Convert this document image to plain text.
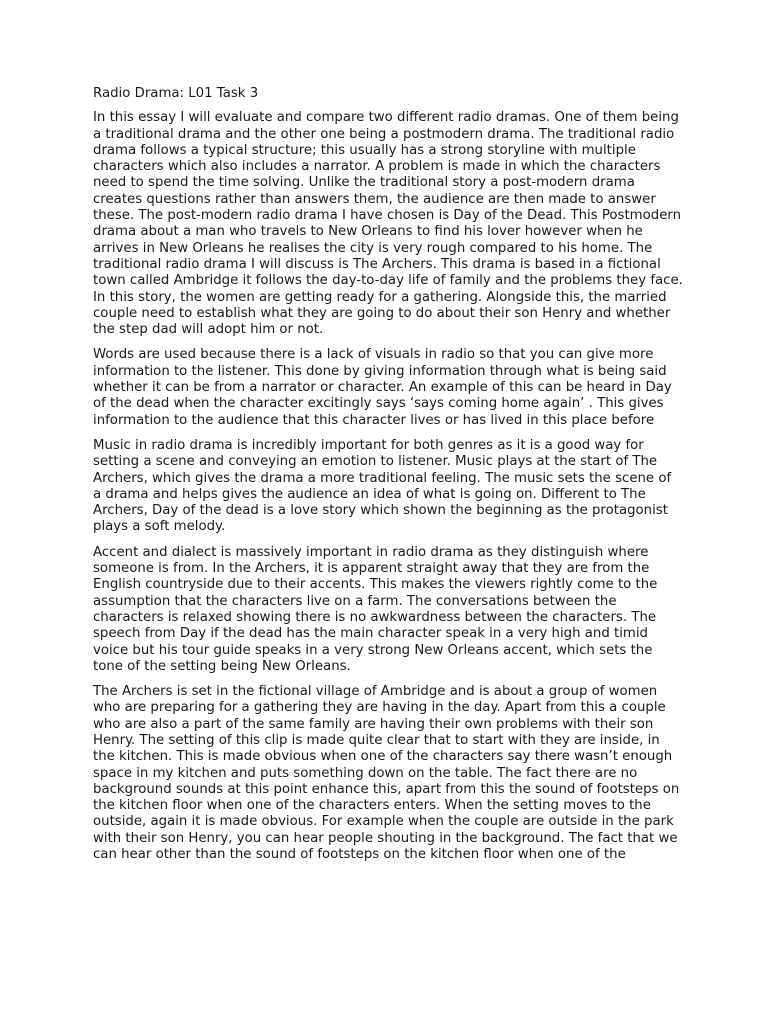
Radio Drama: L01 Task 3

In this essay I will evaluate and compare two different radio dramas. One of them being a traditional drama and the other one being a postmodern drama. The traditional radio drama follows a typical structure; this usually has a strong storyline with multiple characters which also includes a narrator. A problem is made in which the characters need to spend the time solving. Unlike the traditional story a post-modern drama creates questions rather than answers them, the audience are then made to answer these. The post-modern radio drama I have chosen is Day of the Dead. This Postmodern drama about a man who travels to New Orleans to find his lover however when he arrives in New Orleans he realises the city is very rough compared to his home. The traditional radio drama I will discuss is The Archers. This drama is based in a fictional town called Ambridge it follows the day-to-day life of family and the problems they face. In this story, the women are getting ready for a gathering. Alongside this, the married couple need to establish what they are going to do about their son Henry and whether the step dad will adopt him or not.

Words are used because there is a lack of visuals in radio so that you can give more information to the listener. This done by giving information through what is being said whether it can be from a narrator or character. An example of this can be heard in Day of the dead when the character excitingly says ‘says coming home again’ . This gives information to the audience that this character lives or has lived in this place before

Music in radio drama is incredibly important for both genres as it is a good way for setting a scene and conveying an emotion to listener. Music plays at the start of The Archers, which gives the drama a more traditional feeling. The music sets the scene of a drama and helps gives the audience an idea of what is going on. Different to The Archers, Day of the dead is a love story which shown the beginning as the protagonist plays a soft melody.

Accent and dialect is massively important in radio drama as they distinguish where someone is from. In the Archers, it is apparent straight away that they are from the English countryside due to their accents. This makes the viewers rightly come to the assumption that the characters live on a farm. The conversations between the characters is relaxed showing there is no awkwardness between the characters. The speech from Day if the dead has the main character speak in a very high and timid voice but his tour guide speaks in a very strong New Orleans accent, which sets the tone of the setting being New Orleans.

The Archers is set in the fictional village of Ambridge and is about a group of women who are preparing for a gathering they are having in the day. Apart from this a couple who are also a part of the same family are having their own problems with their son Henry. The setting of this clip is made quite clear that to start with they are inside, in the kitchen. This is made obvious when one of the characters say there wasn’t enough space in my kitchen and puts something down on the table. The fact there are no background sounds at this point enhance this, apart from this the sound of footsteps on the kitchen floor when one of the characters enters. When the setting moves to the outside, again it is made obvious. For example when the couple are outside in the park with their son Henry, you can hear people shouting in the background. The fact that we can hear other than the sound of footsteps on the kitchen floor when one of the
